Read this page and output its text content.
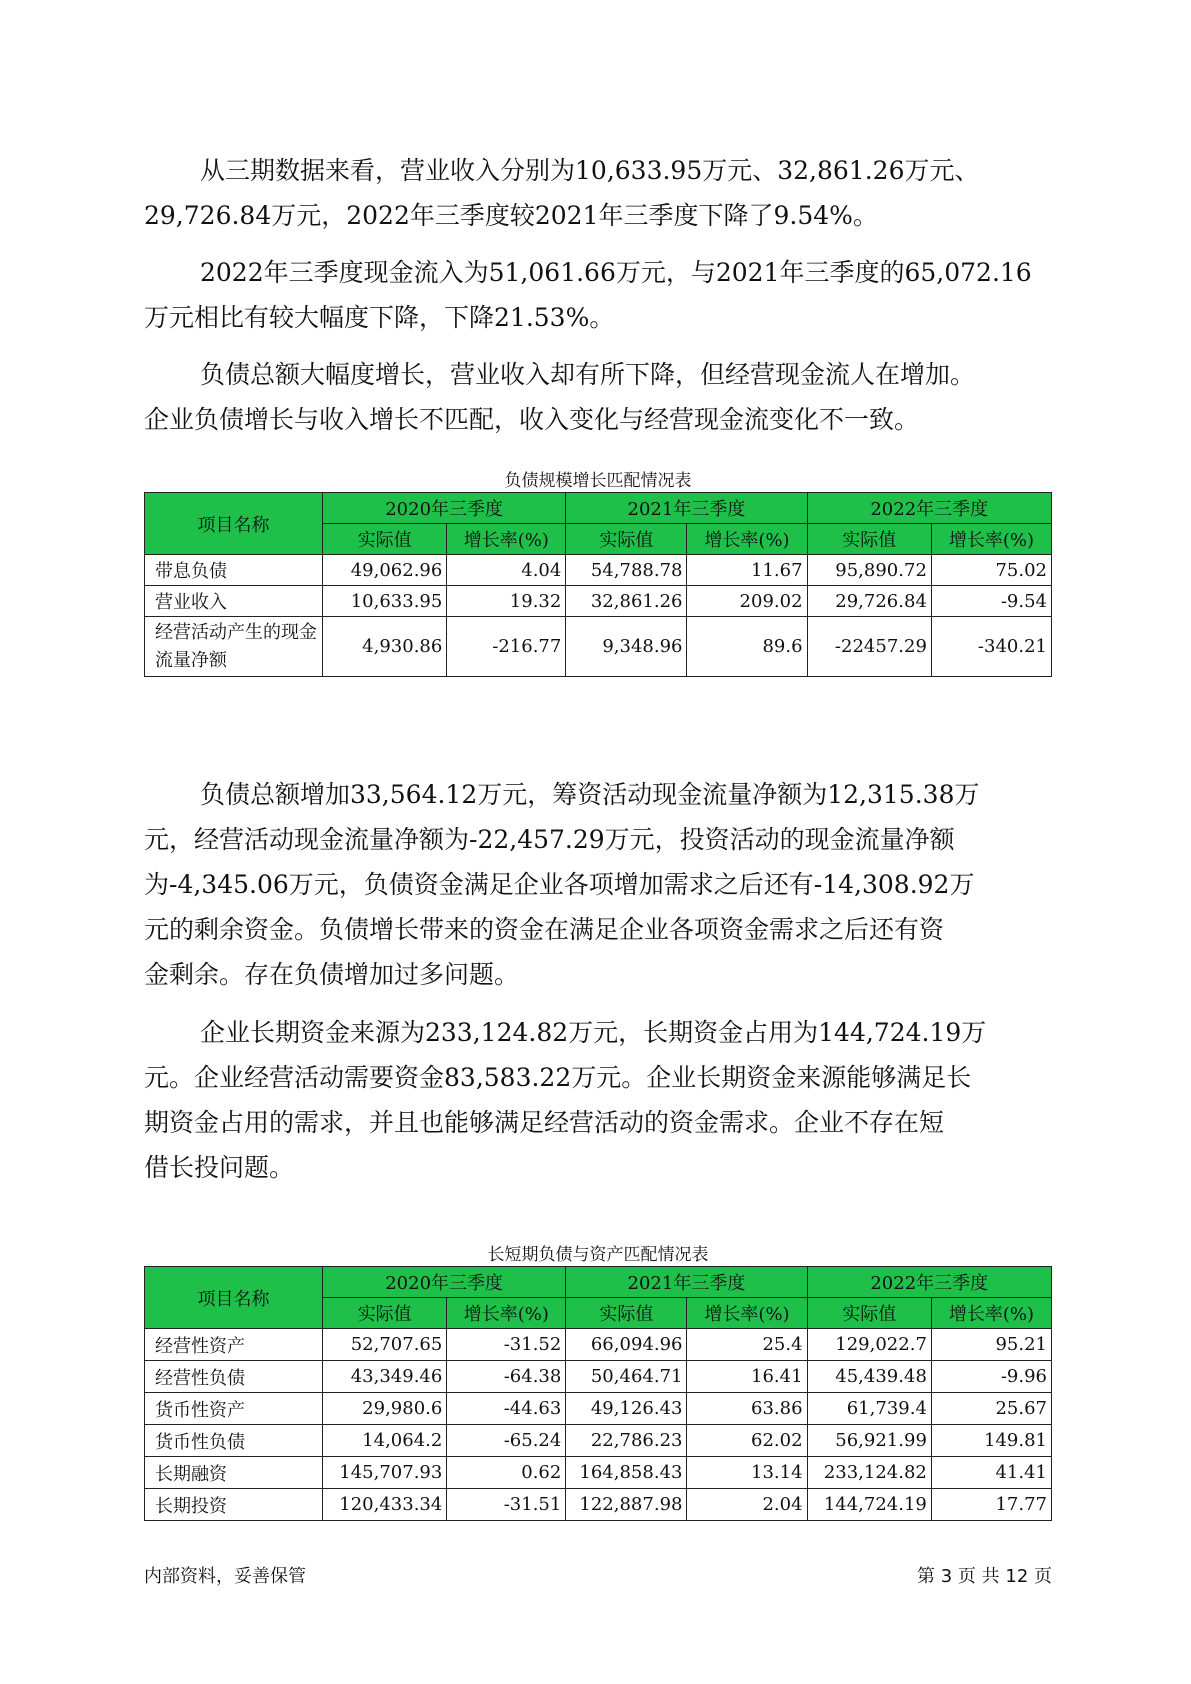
从三期数据来看，营业收入分别为10,633.95万元、32,861.26万元、
29,726.84万元，2022年三季度较2021年三季度下降了9.54%。
2022年三季度现金流入为51,061.66万元，与2021年三季度的65,072.16
万元相比有较大幅度下降，下降21.53%。
负债总额大幅度增长，营业收入却有所下降，但经营现金流人在增加。
企业负债增长与收入增长不匹配，收入变化与经营现金流变化不一致。
负债规模增长匹配情况表
项目名称	2020年三季度		2021年三季度		2022年三季度	
	实际值	增长率(%)	实际值	增长率(%)	实际值	增长率(%)
带息负债	49,062.96	4.04	54,788.78	11.67	95,890.72	75.02
营业收入	10,633.95	19.32	32,861.26	209.02	29,726.84	-9.54
经营活动产生的现金流量净额	4,930.86	-216.77	9,348.96	89.6	-22457.29	-340.21
负债总额增加33,564.12万元，筹资活动现金流量净额为12,315.38万
元，经营活动现金流量净额为-22,457.29万元，投资活动的现金流量净额
为-4,345.06万元，负债资金满足企业各项增加需求之后还有-14,308.92万
元的剩余资金。负债增长带来的资金在满足企业各项资金需求之后还有资
金剩余。存在负债增加过多问题。
企业长期资金来源为233,124.82万元，长期资金占用为144,724.19万
元。企业经营活动需要资金83,583.22万元。企业长期资金来源能够满足长
期资金占用的需求，并且也能够满足经营活动的资金需求。企业不存在短
借长投问题。
长短期负债与资产匹配情况表
项目名称	2020年三季度		2021年三季度		2022年三季度	
	实际值	增长率(%)	实际值	增长率(%)	实际值	增长率(%)
经营性资产	52,707.65	-31.52	66,094.96	25.4	129,022.7	95.21
经营性负债	43,349.46	-64.38	50,464.71	16.41	45,439.48	-9.96
货币性资产	29,980.6	-44.63	49,126.43	63.86	61,739.4	25.67
货币性负债	14,064.2	-65.24	22,786.23	62.02	56,921.99	149.81
长期融资	145,707.93	0.62	164,858.43	13.14	233,124.82	41.41
长期投资	120,433.34	-31.51	122,887.98	2.04	144,724.19	17.77
内部资料，妥善保管	第 3 页 共 12 页
